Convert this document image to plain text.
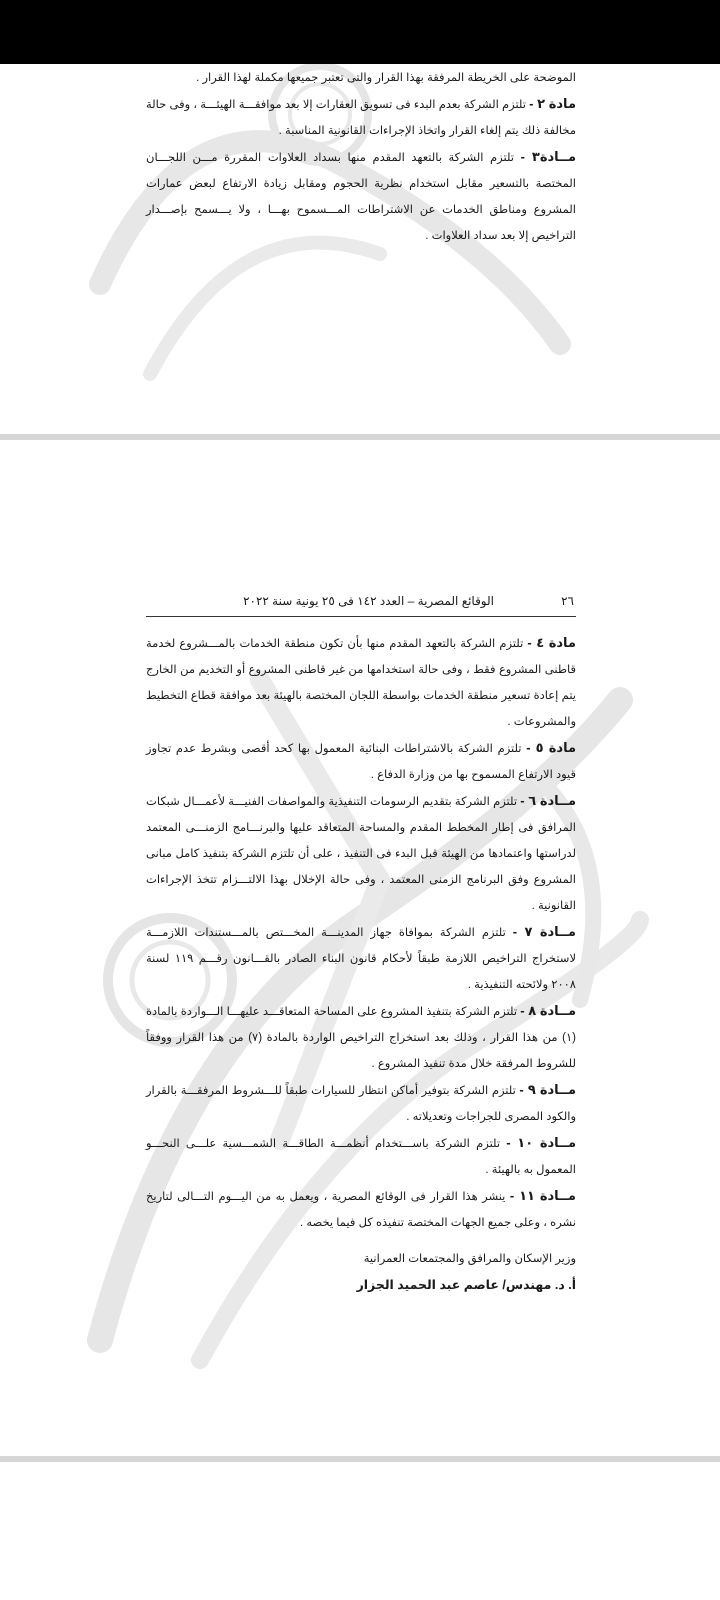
الموضحة على الخريطة المرفقة بهذا القرار والتى تعتبر جميعها مكملة لهذا القرار .

مادة ٢ - تلتزم الشركة بعدم البدء فى تسويق العقارات إلا بعد موافقـــة الهيئـــة ، وفى حالة مخالفة ذلك يتم إلغاء القرار واتخاذ الإجراءات القانونية المناسبة .

مــادة٣ - تلتزم الشركة بالتعهد المقدم منها بسداد العلاوات المقررة مـــن اللجـــان المختصة بالتسعير مقابل استخدام نظرية الحجوم ومقابل زيادة الارتفاع لبعض عمارات المشروع ومناطق الخدمات عن الاشتراطات المـــسموح بهـــا ، ولا يـــسمح بإصـــدار التراخيص إلا بعد سداد العلاوات .

٢٦
الوقائع المصرية – العدد ١٤٢ فى ٢٥ يونية سنة ٢٠٢٢

مادة ٤ - تلتزم الشركة بالتعهد المقدم منها بأن تكون منطقة الخدمات بالمـــشروع لخدمة قاطنى المشروع فقط ، وفى حالة استخدامها من غير قاطنى المشروع أو التخديم من الخارج يتم إعادة تسعير منطقة الخدمات بواسطة اللجان المختصة بالهيئة بعد موافقة قطاع التخطيط والمشروعات .

مادة ٥ - تلتزم الشركة بالاشتراطات البنائية المعمول بها كحد أقصى وبشرط عدم تجاوز قيود الارتفاع المسموح بها من وزارة الدفاع .

مــادة ٦ - تلتزم الشركة بتقديم الرسومات التنفيذية والمواصفات الفنيـــة لأعمـــال شبكات المرافق فى إطار المخطط المقدم والمساحة المتعاقد عليها والبرنـــامج الزمنـــى المعتمد لدراستها واعتمادها من الهيئة قبل البدء فى التنفيذ ، على أن تلتزم الشركة بتنفيذ كامل مبانى المشروع وفق البرنامج الزمنى المعتمد ، وفى حالة الإخلال بهذا الالتـــزام تتخذ الإجراءات القانونية .

مــادة ٧ - تلتزم الشركة بموافاة جهاز المدينـــة المخـــتص بالمـــستندات اللازمـــة لاستخراج التراخيص اللازمة طبقاً لأحكام قانون البناء الصادر بالقـــانون رقـــم ١١٩ لسنة ٢٠٠٨ ولائحته التنفيذية .

مــادة ٨ - تلتزم الشركة بتنفيذ المشروع على المساحة المتعاقـــد عليهـــا الـــواردة بالمادة (١) من هذا القرار ، وذلك بعد استخراج التراخيص الواردة بالمادة (٧) من هذا القرار ووفقاً للشروط المرفقة خلال مدة تنفيذ المشروع .

مــادة ٩ - تلتزم الشركة بتوفير أماكن انتظار للسيارات طبقاً للـــشروط المرفقـــة بالقرار والكود المصرى للجراجات وتعديلاته .

مــادة ١٠ - تلتزم الشركة باســـتخدام أنظمـــة الطاقـــة الشمـــسية علـــى النحـــو المعمول به بالهيئة .

مــادة ١١ - ينشر هذا القرار فى الوقائع المصرية ، ويعمل به من اليـــوم التـــالى لتاريخ نشره ، وعلى جميع الجهات المختصة تنفيذه كل فيما يخصه .

وزير الإسكان والمرافق والمجتمعات العمرانية
أ. د. مهندس/ عاصم عبد الحميد الجزار
